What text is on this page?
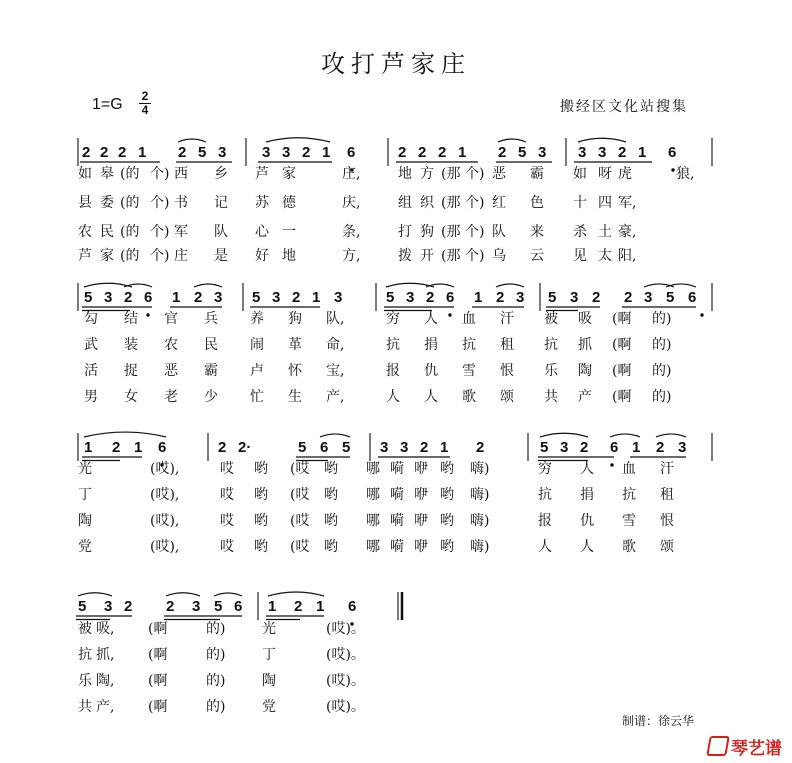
攻打芦家庄
1=G 2
4	搬经区文化站搜集
2 2 2 1 2 5 3 3 3 2 1 6	2 2 2 1 2 5 3 3 3 2 1 6
如 皋 (的 个) 西 乡 芦 家	庄,	地 方 (那 个) 恶 霸 如 呀 虎	狼,
县 委 (的 个) 书 记 苏 德	庆,	组 织 (那 个) 红 色 十 四 军,
农 民 (的 个) 军 队 心 一	条,	打 狗 (那 个) 队 来 杀 土 豪,
芦 家 (的 个) 庄 是 好 地	方,	拨 开 (那 个) 乌 云 见 太 阳,
5 3 2 6 1 2 3 5 3 2 1 3	5 3 2 6 1 2 3 5 3 2 2 3 5 6
勾 结 官 兵 养 狗 队,	穷 人 血 汗 被 吸 (啊 的)
武 装 农 民 闹 革 命,	抗 捐 抗 租 抗 抓 (啊 的)
活 捉 恶 霸 卢 怀 宝,	报 仇 雪 恨 乐 陶 (啊 的)
男 女 老 少 忙 生 产,	人 人 歌 颂 共 产 (啊 的)
1 2 1 6	2 2·	5 6 5 3 3 2 1 2	5 3 2 6 1 2 3
光	(哎),	哎 哟 (哎 哟 哪 嗬 咿 哟 嗨)	穷 人 血 汗
丁	(哎),	哎 哟 (哎 哟 哪 嗬 咿 哟 嗨)	抗 捐 抗 租
陶	(哎),	哎 哟 (哎 哟 哪 嗬 咿 哟 嗨)	报 仇 雪 恨
党	(哎),	哎 哟 (哎 哟 哪 嗬 咿 哟 嗨)	人 人 歌 颂
5 3 2 2 3 5 6 1 2 1 6
被 吸, (啊	的)	光	(哎)。
抗 抓, (啊	的)	丁	(哎)。
乐 陶, (啊	的)	陶	(哎)。
共 产, (啊	的)	党	(哎)。
制谱：徐云华
琴艺谱
